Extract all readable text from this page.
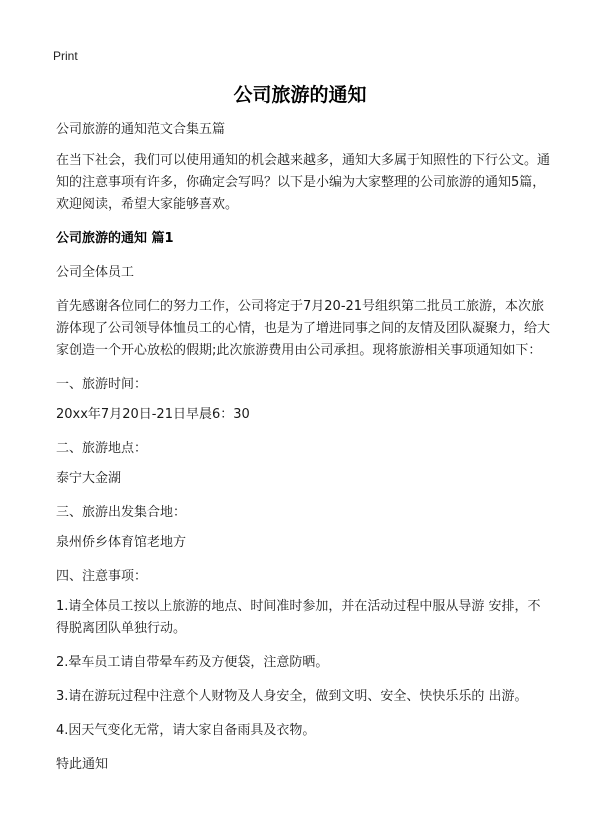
Print
公司旅游的通知

公司旅游的通知范文合集五篇

在当下社会，我们可以使用通知的机会越来越多，通知大多属于知照性的下行公文。通知的注意事项有许多，你确定会写吗？以下是小编为大家整理的公司旅游的通知5篇，欢迎阅读，希望大家能够喜欢。

公司旅游的通知 篇1

公司全体员工

首先感谢各位同仁的努力工作，公司将定于7月20-21号组织第二批员工旅游，本次旅游体现了公司领导体恤员工的心情，也是为了增进同事之间的友情及团队凝聚力，给大家创造一个开心放松的假期;此次旅游费用由公司承担。现将旅游相关事项通知如下：

一、旅游时间：

20xx年7月20日-21日早晨6：30

二、旅游地点：

泰宁大金湖

三、旅游出发集合地：

泉州侨乡体育馆老地方

四、注意事项：

1.请全体员工按以上旅游的地点、时间准时参加，并在活动过程中服从导游 安排，不得脱离团队单独行动。

2.晕车员工请自带晕车药及方便袋，注意防晒。

3.请在游玩过程中注意个人财物及人身安全，做到文明、安全、快快乐乐的 出游。

4.因天气变化无常，请大家自备雨具及衣物。

特此通知
